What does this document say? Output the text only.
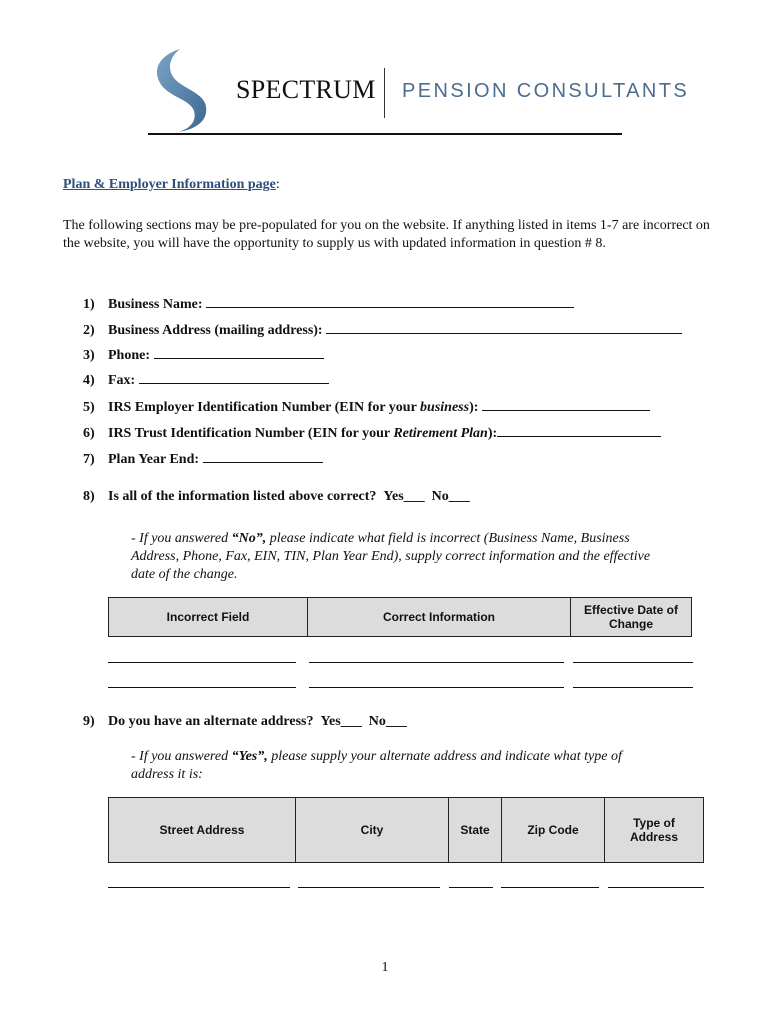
SPECTRUM PENSION CONSULTANTS
Plan & Employer Information page:
The following sections may be pre-populated for you on the website. If anything listed in items 1-7 are incorrect on the website, you will have the opportunity to supply us with updated information in question # 8.
1) Business Name:
2) Business Address (mailing address):
3) Phone:
4) Fax:
5) IRS Employer Identification Number (EIN for your business):
6) IRS Trust Identification Number (EIN for your Retirement Plan):
7) Plan Year End:
8) Is all of the information listed above correct? Yes___ No___
- If you answered “No”, please indicate what field is incorrect (Business Name, Business
Address, Phone, Fax, EIN, TIN, Plan Year End), supply correct information and the effective
date of the change.
Incorrect Field	Correct Information	Effective Date of
Change
9) Do you have an alternate address? Yes___ No___
- If you answered “Yes”, please supply your alternate address and indicate what type of
address it is:
Street Address	City	State	Zip Code	Type of
Address
1
